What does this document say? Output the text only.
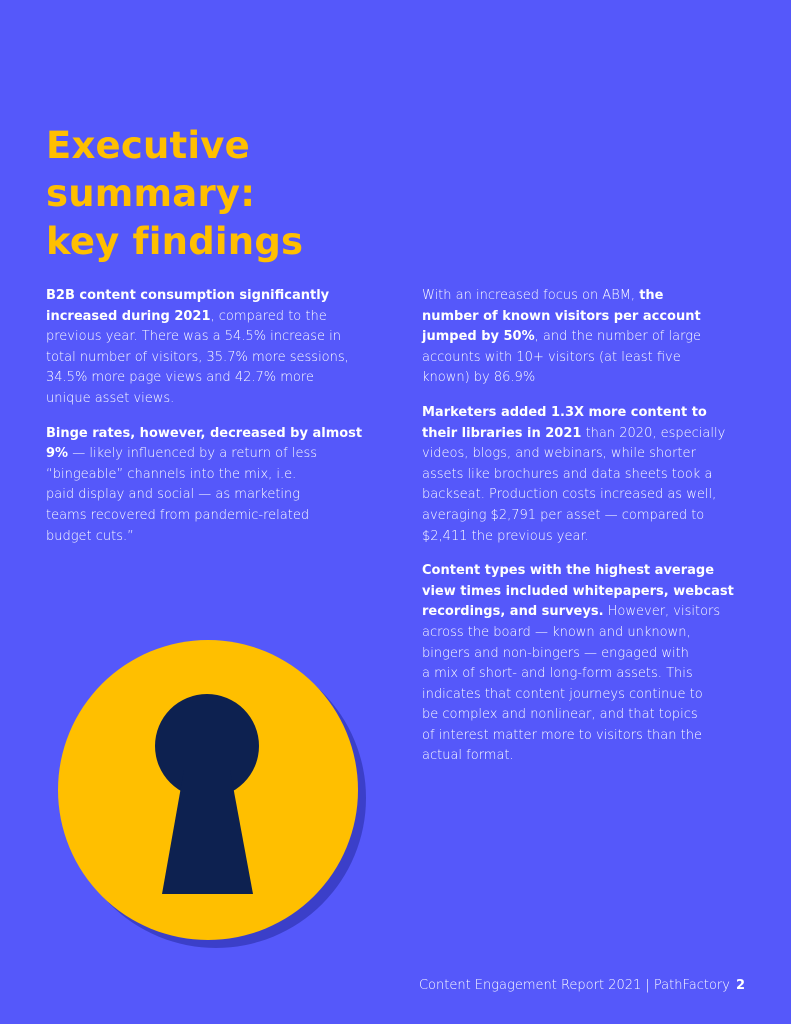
Executive
summary:
key findings

B2B content consumption significantly
increased during 2021, compared to the
previous year. There was a 54.5% increase in
total number of visitors, 35.7% more sessions,
34.5% more page views and 42.7% more
unique asset views.

Binge rates, however, decreased by almost
9% — likely influenced by a return of less
“bingeable” channels into the mix, i.e.
paid display and social — as marketing
teams recovered from pandemic-related
budget cuts.”

With an increased focus on ABM, the
number of known visitors per account
jumped by 50%, and the number of large
accounts with 10+ visitors (at least five
known) by 86.9%

Marketers added 1.3X more content to
their libraries in 2021 than 2020, especially
videos, blogs, and webinars, while shorter
assets like brochures and data sheets took a
backseat. Production costs increased as well,
averaging $2,791 per asset — compared to
$2,411 the previous year.

Content types with the highest average
view times included whitepapers, webcast
recordings, and surveys. However, visitors
across the board — known and unknown,
bingers and non-bingers — engaged with
a mix of short- and long-form assets. This
indicates that content journeys continue to
be complex and nonlinear, and that topics
of interest matter more to visitors than the
actual format.

Content Engagement Report 2021 | PathFactory 2
